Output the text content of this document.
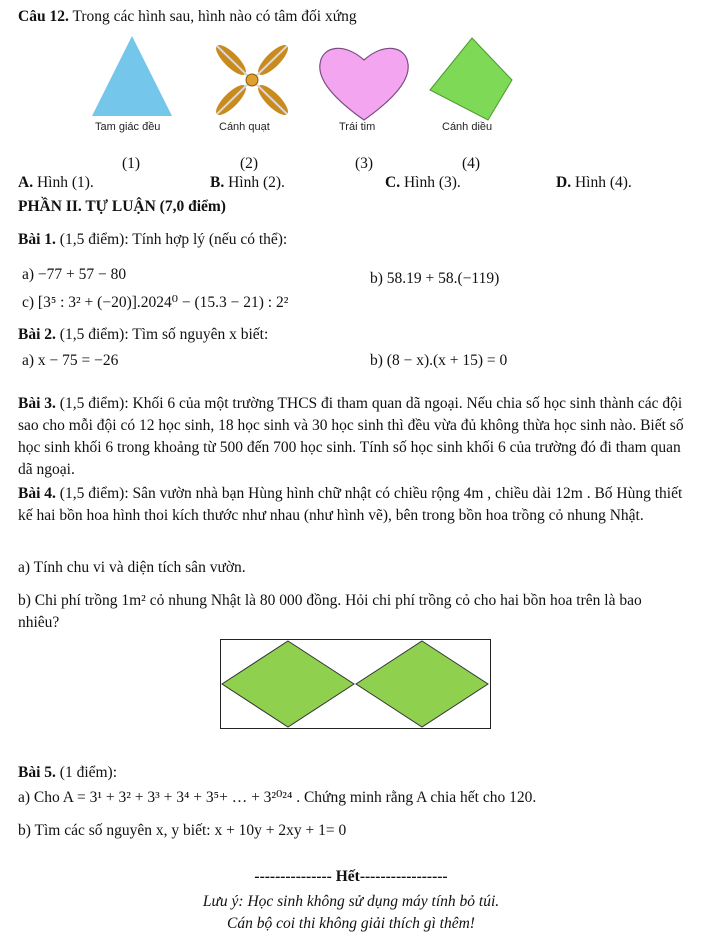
Câu 12. Trong các hình sau, hình nào có tâm đối xứng
Tam giác đều	Cánh quạt	Trái tim	Cánh diều
(1)	(2)	(3)	(4)
A. Hình (1).	B. Hình (2).	C. Hình (3).	D. Hình (4).
PHẦN II. TỰ LUẬN (7,0 điểm)
Bài 1. (1,5 điểm): Tính hợp lý (nếu có thể):
a) −77 + 57 − 80	b) 58.19 + 58.(−119)
c) [3⁵ : 3² + (−20)].2024⁰ − (15.3 − 21) : 2²
Bài 2. (1,5 điểm): Tìm số nguyên x biết:
a) x − 75 = −26	b) (8 − x).(x + 15) = 0
Bài 3. (1,5 điểm): Khối 6 của một trường THCS đi tham quan dã ngoại. Nếu chia số học sinh thành các đội sao cho mỗi đội có 12 học sinh, 18 học sinh và 30 học sinh thì đều vừa đủ không thừa học sinh nào. Biết số học sinh khối 6 trong khoảng từ 500 đến 700 học sinh. Tính số học sinh khối 6 của trường đó đi tham quan dã ngoại.
Bài 4. (1,5 điểm): Sân vườn nhà bạn Hùng hình chữ nhật có chiều rộng 4m , chiều dài 12m . Bố Hùng thiết kế hai bồn hoa hình thoi kích thước như nhau (như hình vẽ), bên trong bồn hoa trồng cỏ nhung Nhật.
a) Tính chu vi và diện tích sân vườn.
b) Chi phí trồng 1m² cỏ nhung Nhật là 80 000 đồng. Hỏi chi phí trồng cỏ cho hai bồn hoa trên là bao nhiêu?
Bài 5. (1 điểm):
a) Cho A = 3¹ + 3² + 3³ + 3⁴ + 3⁵+ … + 3²⁰²⁴ . Chứng minh rằng A chia hết cho 120.
b) Tìm các số nguyên x, y biết: x + 10y + 2xy + 1= 0
--------------- Hết-----------------
Lưu ý: Học sinh không sử dụng máy tính bỏ túi.
Cán bộ coi thi không giải thích gì thêm!
